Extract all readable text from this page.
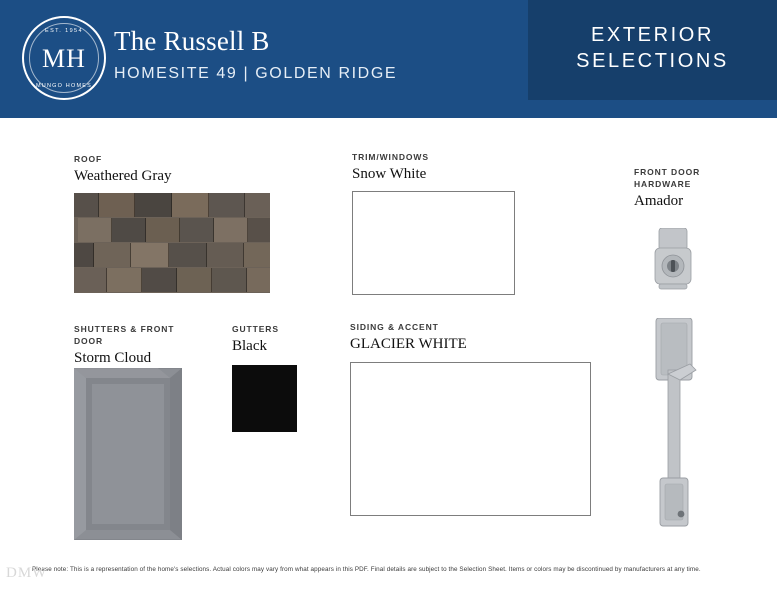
EST. 1954
MH
MUNGO HOMES
The Russell B
HOMESITE 49 | GOLDEN RIDGE
EXTERIOR
SELECTIONS
ROOF
Weathered Gray
TRIM/WINDOWS
Snow White	FRONT DOOR HARDWARE
Amador
SHUTTERS & FRONT DOOR
Storm Cloud
GUTTERS
Black
SIDING & ACCENT
GLACIER WHITE
Please note: This is a representation of the home's selections. Actual colors may vary from what appears in this PDF. Final details are subject to the Selection Sheet. Items or colors may be discontinued by manufacturers at any time.
DMW
